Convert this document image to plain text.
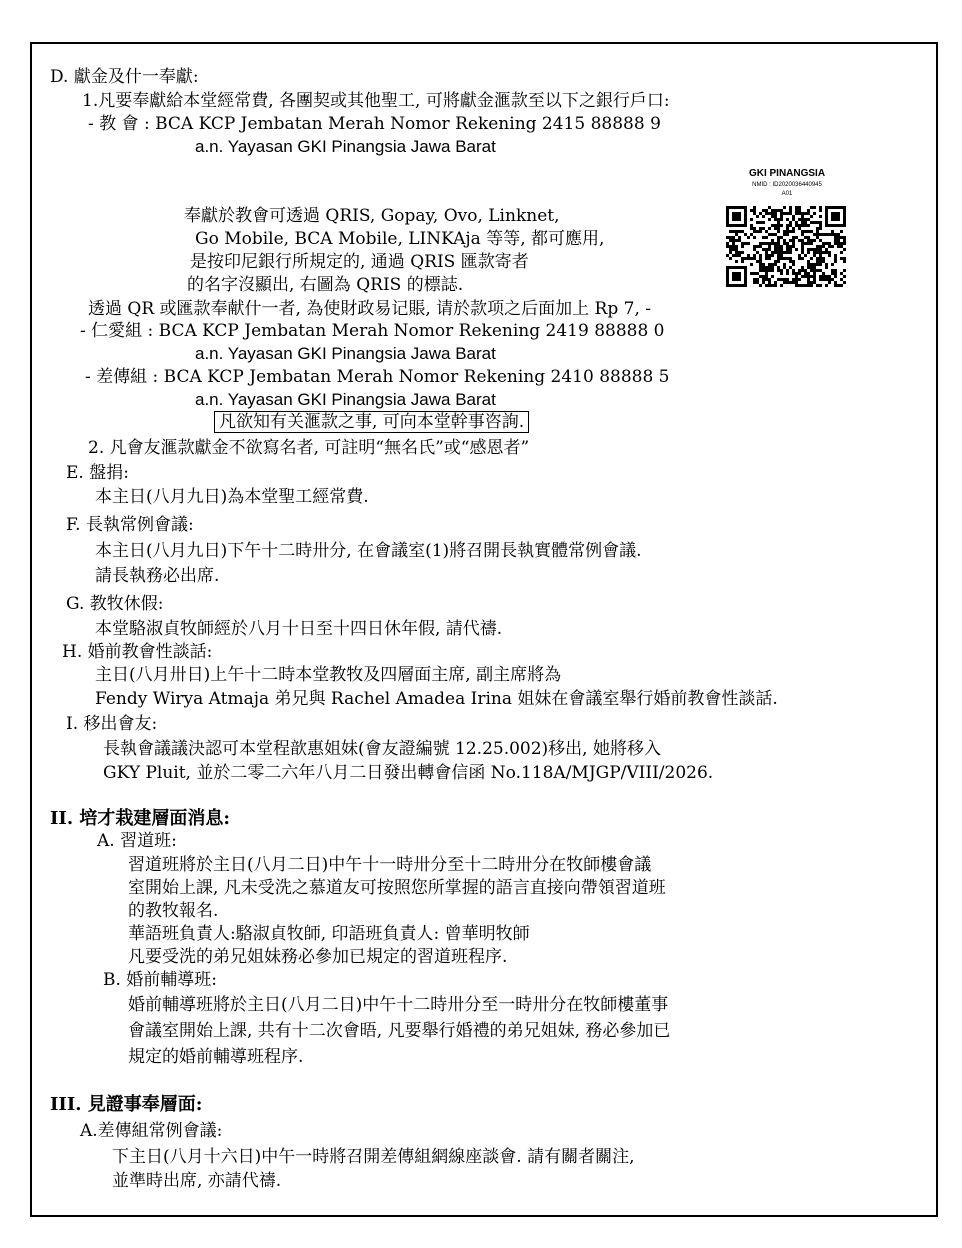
D. 獻金及什一奉獻:
1.凡要奉獻給本堂經常費, 各團契或其他聖工, 可將獻金滙款至以下之銀行戶口:
- 教 會 : BCA KCP Jembatan Merah Nomor Rekening 2415 88888 9
a.n. Yayasan GKI Pinangsia Jawa Barat
奉獻於教會可透過 QRIS, Gopay, Ovo, Linknet,
Go Mobile, BCA Mobile, LINKAja 等等, 都可應用,
是按印尼銀行所規定的, 通過 QRIS 匯款寄者
的名字沒顯出, 右圖為 QRIS 的標誌.
透過 QR 或匯款奉献什一者, 為使財政易记賬, 请於款项之后面加上 Rp 7, -
- 仁愛組 : BCA KCP Jembatan Merah Nomor Rekening 2419 88888 0
a.n. Yayasan GKI Pinangsia Jawa Barat
- 差傳組 : BCA KCP Jembatan Merah Nomor Rekening 2410 88888 5
a.n. Yayasan GKI Pinangsia Jawa Barat
凡欲知有关滙款之事, 可向本堂幹事咨詢.
2. 凡會友滙款獻金不欲寫名者, 可註明“無名氏”或“感恩者”
E. 盤捐:
本主日(八月九日)為本堂聖工經常費.
F. 長執常例會議:
本主日(八月九日)下午十二時卅分, 在會議室(1)將召開長執實體常例會議.
請長執務必出席.
G. 教牧休假:
本堂駱淑貞牧師經於八月十日至十四日休年假, 請代禱.
H. 婚前教會性談話:
主日(八月卅日)上午十二時本堂教牧及四層面主席, 副主席將為
Fendy Wirya Atmaja 弟兄與 Rachel Amadea Irina 姐妹在會議室舉行婚前教會性談話.
I. 移出會友:
長執會議議決認可本堂程歆惠姐妹(會友證編號 12.25.002)移出, 她將移入
GKY Pluit, 並於二零二六年八月二日發出轉會信函 No.118A/MJGP/VIII/2026.
II. 培才栽建層面消息:
A. 習道班:
習道班將於主日(八月二日)中午十一時卅分至十二時卅分在牧師樓會議
室開始上課, 凡未受洗之慕道友可按照您所掌握的語言直接向帶領習道班
的教牧報名.
華語班負責人:駱淑貞牧師, 印語班負責人: 曾華明牧師
凡要受洗的弟兄姐妹務必參加已規定的習道班程序.
B. 婚前輔導班:
婚前輔導班將於主日(八月二日)中午十二時卅分至一時卅分在牧師樓董事
會議室開始上課, 共有十二次會晤, 凡要舉行婚禮的弟兄姐妹, 務必參加已
規定的婚前輔導班程序.
III. 見證事奉層面:
A.差傳組常例會議:
下主日(八月十六日)中午一時將召開差傳組網線座談會. 請有關者關注,
並準時出席, 亦請代禱.
GKI PINANGSIA
NMID : ID2020036440945
A01
